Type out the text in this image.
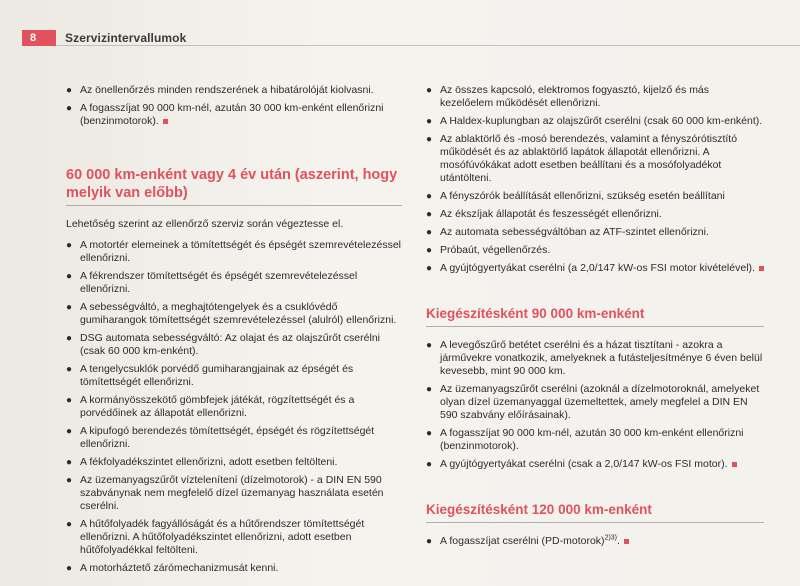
8	Szervizintervallumok
● Az önellenőrzés minden rendszerének a hibatárolóját kiolvasni.
● A fogasszíjat 90 000 km-nél, azután 30 000 km-enként ellenőrizni (benzinmotorok).
60 000 km-enként vagy 4 év után (aszerint, hogy melyik van előbb)
Lehetőség szerint az ellenőrző szerviz során végeztesse el.
● A motortér elemeinek a tömítettségét és épségét szemrevételezéssel ellenőrizni.
● A fékrendszer tömítettségét és épségét szemrevételezéssel ellenőrizni.
● A sebességváltó, a meghajtótengelyek és a csuklóvédő gumiharangok tömítettségét szemrevételezéssel (alulról) ellenőrizni.
● DSG automata sebességváltó: Az olajat és az olajszűrőt cserélni (csak 60 000 km-enként).
● A tengelycsuklók porvédő gumiharangjainak az épségét és tömítettségét ellenőrizni.
● A kormányösszekötő gömbfejek játékát, rögzítettségét és a porvédőinek az állapotát ellenőrizni.
● A kipufogó berendezés tömítettségét, épségét és rögzítettségét ellenőrizni.
● A fékfolyadékszintet ellenőrizni, adott esetben feltölteni.
● Az üzemanyagszűrőt víztelenítení (dízelmotorok) - a DIN EN 590 szabványnak nem megfelelő dízel üzemanyag használata esetén cserélni.
● A hűtőfolyadék fagyállóságát és a hűtőrendszer tömítettségét ellenőrizni. A hűtőfolyadékszintet ellenőrizni, adott esetben hűtőfolyadékkal feltölteni.
● A motorháztető zárómechanizmusát kenni.
● Az összes kapcsoló, elektromos fogyasztó, kijelző és más kezelőelem működését ellenőrizni.
● A Haldex-kuplungban az olajszűrőt cserélni (csak 60 000 km-enként).
● Az ablaktörlő és -mosó berendezés, valamint a fényszórótisztító működését és az ablaktörlő lapátok állapotát ellenőrizni. A mosófúvókákat adott esetben beállítani és a mosófolyadékot utántölteni.
● A fényszórók beállítását ellenőrizni, szükség esetén beállítani
● Az ékszíjak állapotát és feszességét ellenőrizni.
● Az automata sebességváltóban az ATF-szintet ellenőrizni.
● Próbaút, végellenőrzés.
● A gyújtógyertyákat cserélni (a 2,0/147 kW-os FSI motor kivételével).
Kiegészítésként 90 000 km-enként
● A levegőszűrő betétet cserélni és a házat tisztítani - azokra a járművekre vonatkozik, amelyeknek a futásteljesítménye 6 éven belül kevesebb, mint 90 000 km.
● Az üzemanyagszűrőt cserélni (azoknál a dízelmotoroknál, amelyeket olyan dízel üzemanyaggal üzemeltettek, amely megfelel a DIN EN 590 szabvány előírásainak).
● A fogasszíjat 90 000 km-nél, azután 30 000 km-enként ellenőrizni (benzinmotorok).
● A gyújtógyertyákat cserélni (csak a 2,0/147 kW-os FSI motor).
Kiegészítésként 120 000 km-enként
● A fogasszíjat cserélni (PD-motorok)$^{2)3)}$.
